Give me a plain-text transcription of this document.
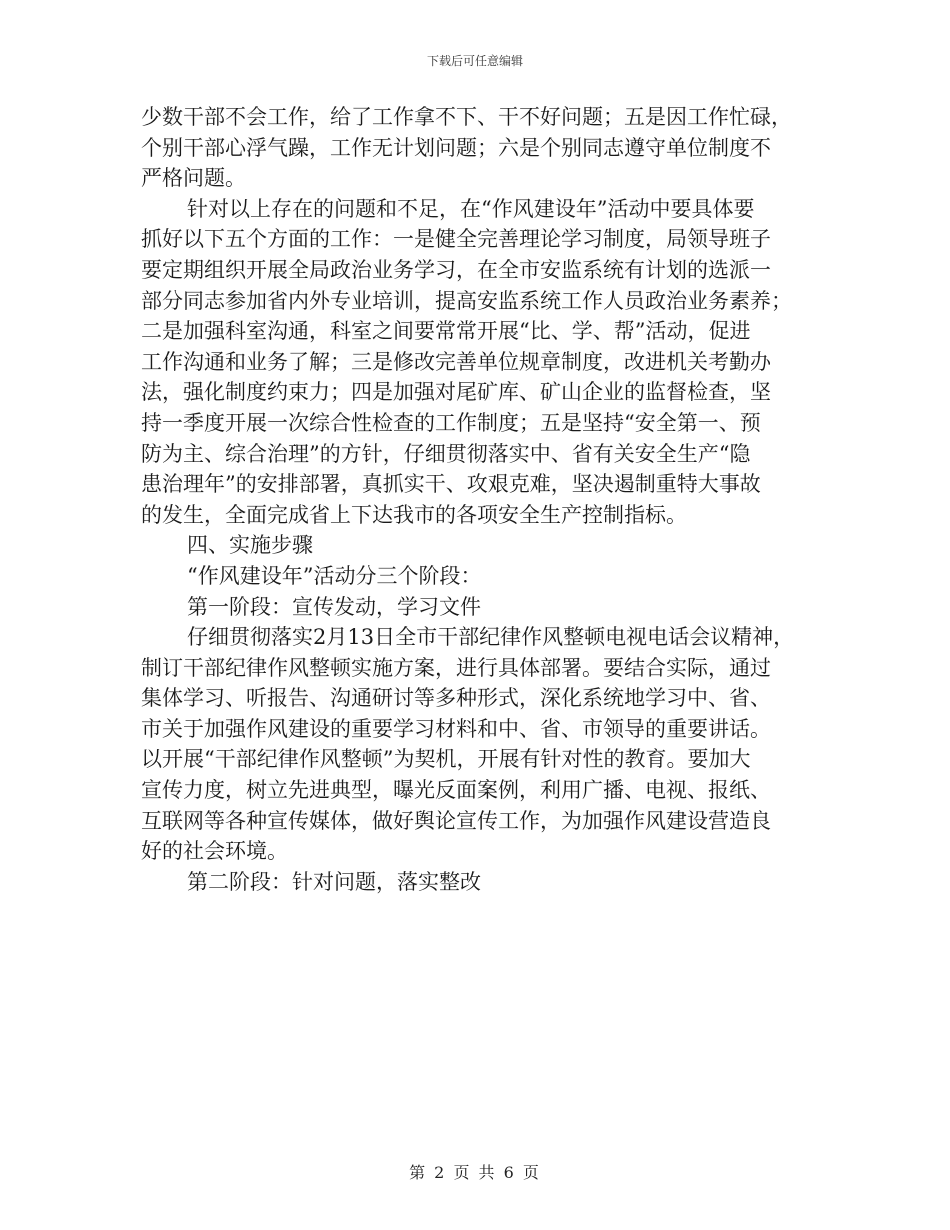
下载后可任意编辑

少数干部不会工作，给了工作拿不下、干不好问题；五是因工作忙碌，

个别干部心浮气躁，工作无计划问题；六是个别同志遵守单位制度不

严格问题。

针对以上存在的问题和不足，在“作风建设年”活动中要具体要

抓好以下五个方面的工作：一是健全完善理论学习制度，局领导班子

要定期组织开展全局政治业务学习，在全市安监系统有计划的选派一

部分同志参加省内外专业培训，提高安监系统工作人员政治业务素养；

二是加强科室沟通，科室之间要常常开展“比、学、帮”活动，促进

工作沟通和业务了解；三是修改完善单位规章制度，改进机关考勤办

法，强化制度约束力；四是加强对尾矿库、矿山企业的监督检查，坚

持一季度开展一次综合性检查的工作制度；五是坚持“安全第一、预

防为主、综合治理”的方针，仔细贯彻落实中、省有关安全生产“隐

患治理年”的安排部署，真抓实干、攻艰克难，坚决遏制重特大事故

的发生，全面完成省上下达我市的各项安全生产控制指标。

四、实施步骤

“作风建设年”活动分三个阶段：

第一阶段：宣传发动，学习文件

仔细贯彻落实2月13日全市干部纪律作风整顿电视电话会议精神，

制订干部纪律作风整顿实施方案，进行具体部署。要结合实际，通过

集体学习、听报告、沟通研讨等多种形式，深化系统地学习中、省、

市关于加强作风建设的重要学习材料和中、省、市领导的重要讲话。

以开展“干部纪律作风整顿”为契机，开展有针对性的教育。要加大

宣传力度，树立先进典型，曝光反面案例，利用广播、电视、报纸、

互联网等各种宣传媒体，做好舆论宣传工作，为加强作风建设营造良

好的社会环境。

第二阶段：针对问题，落实整改

第 2 页 共 6 页
